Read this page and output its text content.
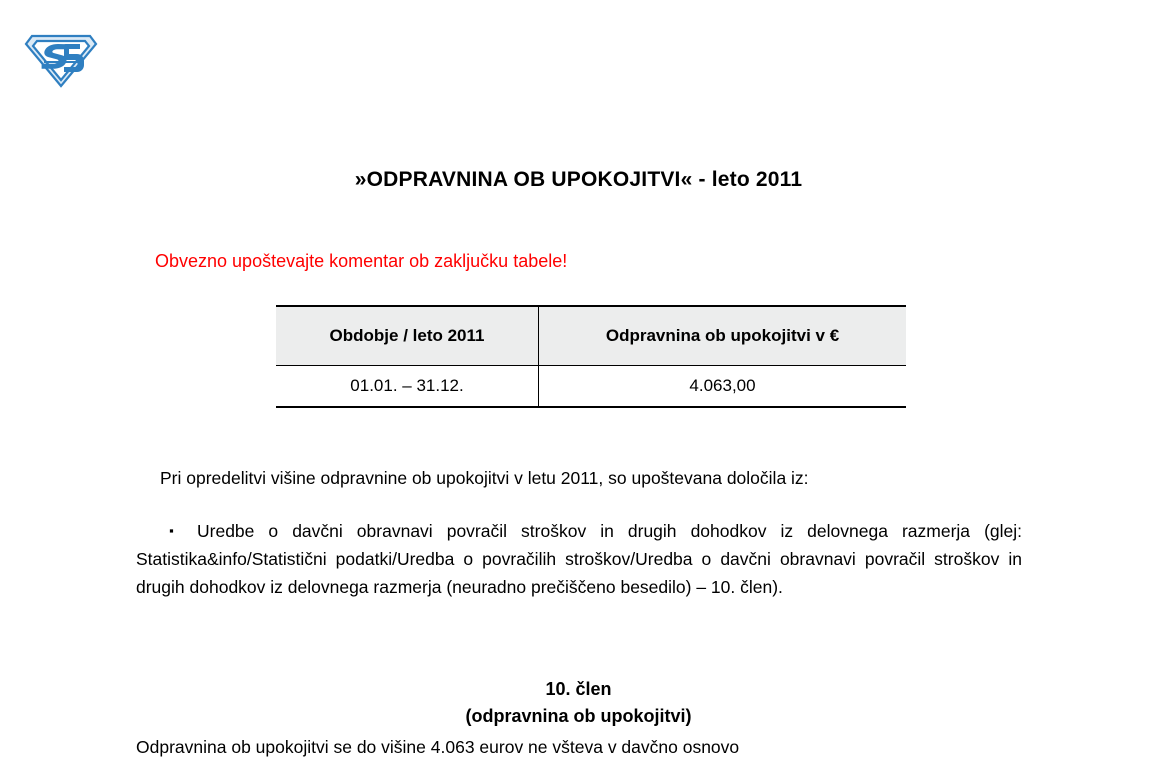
»ODPRAVNINA OB UPOKOJITVI« - leto 2011
Obvezno upoštevajte komentar ob zaključku tabele!
Obdobje / leto 2011	Odpravnina ob upokojitvi v €
01.01. – 31.12.	4.063,00
Pri opredelitvi višine odpravnine ob upokojitvi v letu 2011, so upoštevana določila iz:
▪ Uredbe o davčni obravnavi povračil stroškov in drugih dohodkov iz delovnega razmerja (glej: Statistika&info/Statistični podatki/Uredba o povračilih stroškov/Uredba o davčni obravnavi povračil stroškov in drugih dohodkov iz delovnega razmerja (neuradno prečiščeno besedilo) – 10. člen).
10. člen
(odpravnina ob upokojitvi)
Odpravnina ob upokojitvi se do višine 4.063 eurov ne všteva v davčno osnovo
